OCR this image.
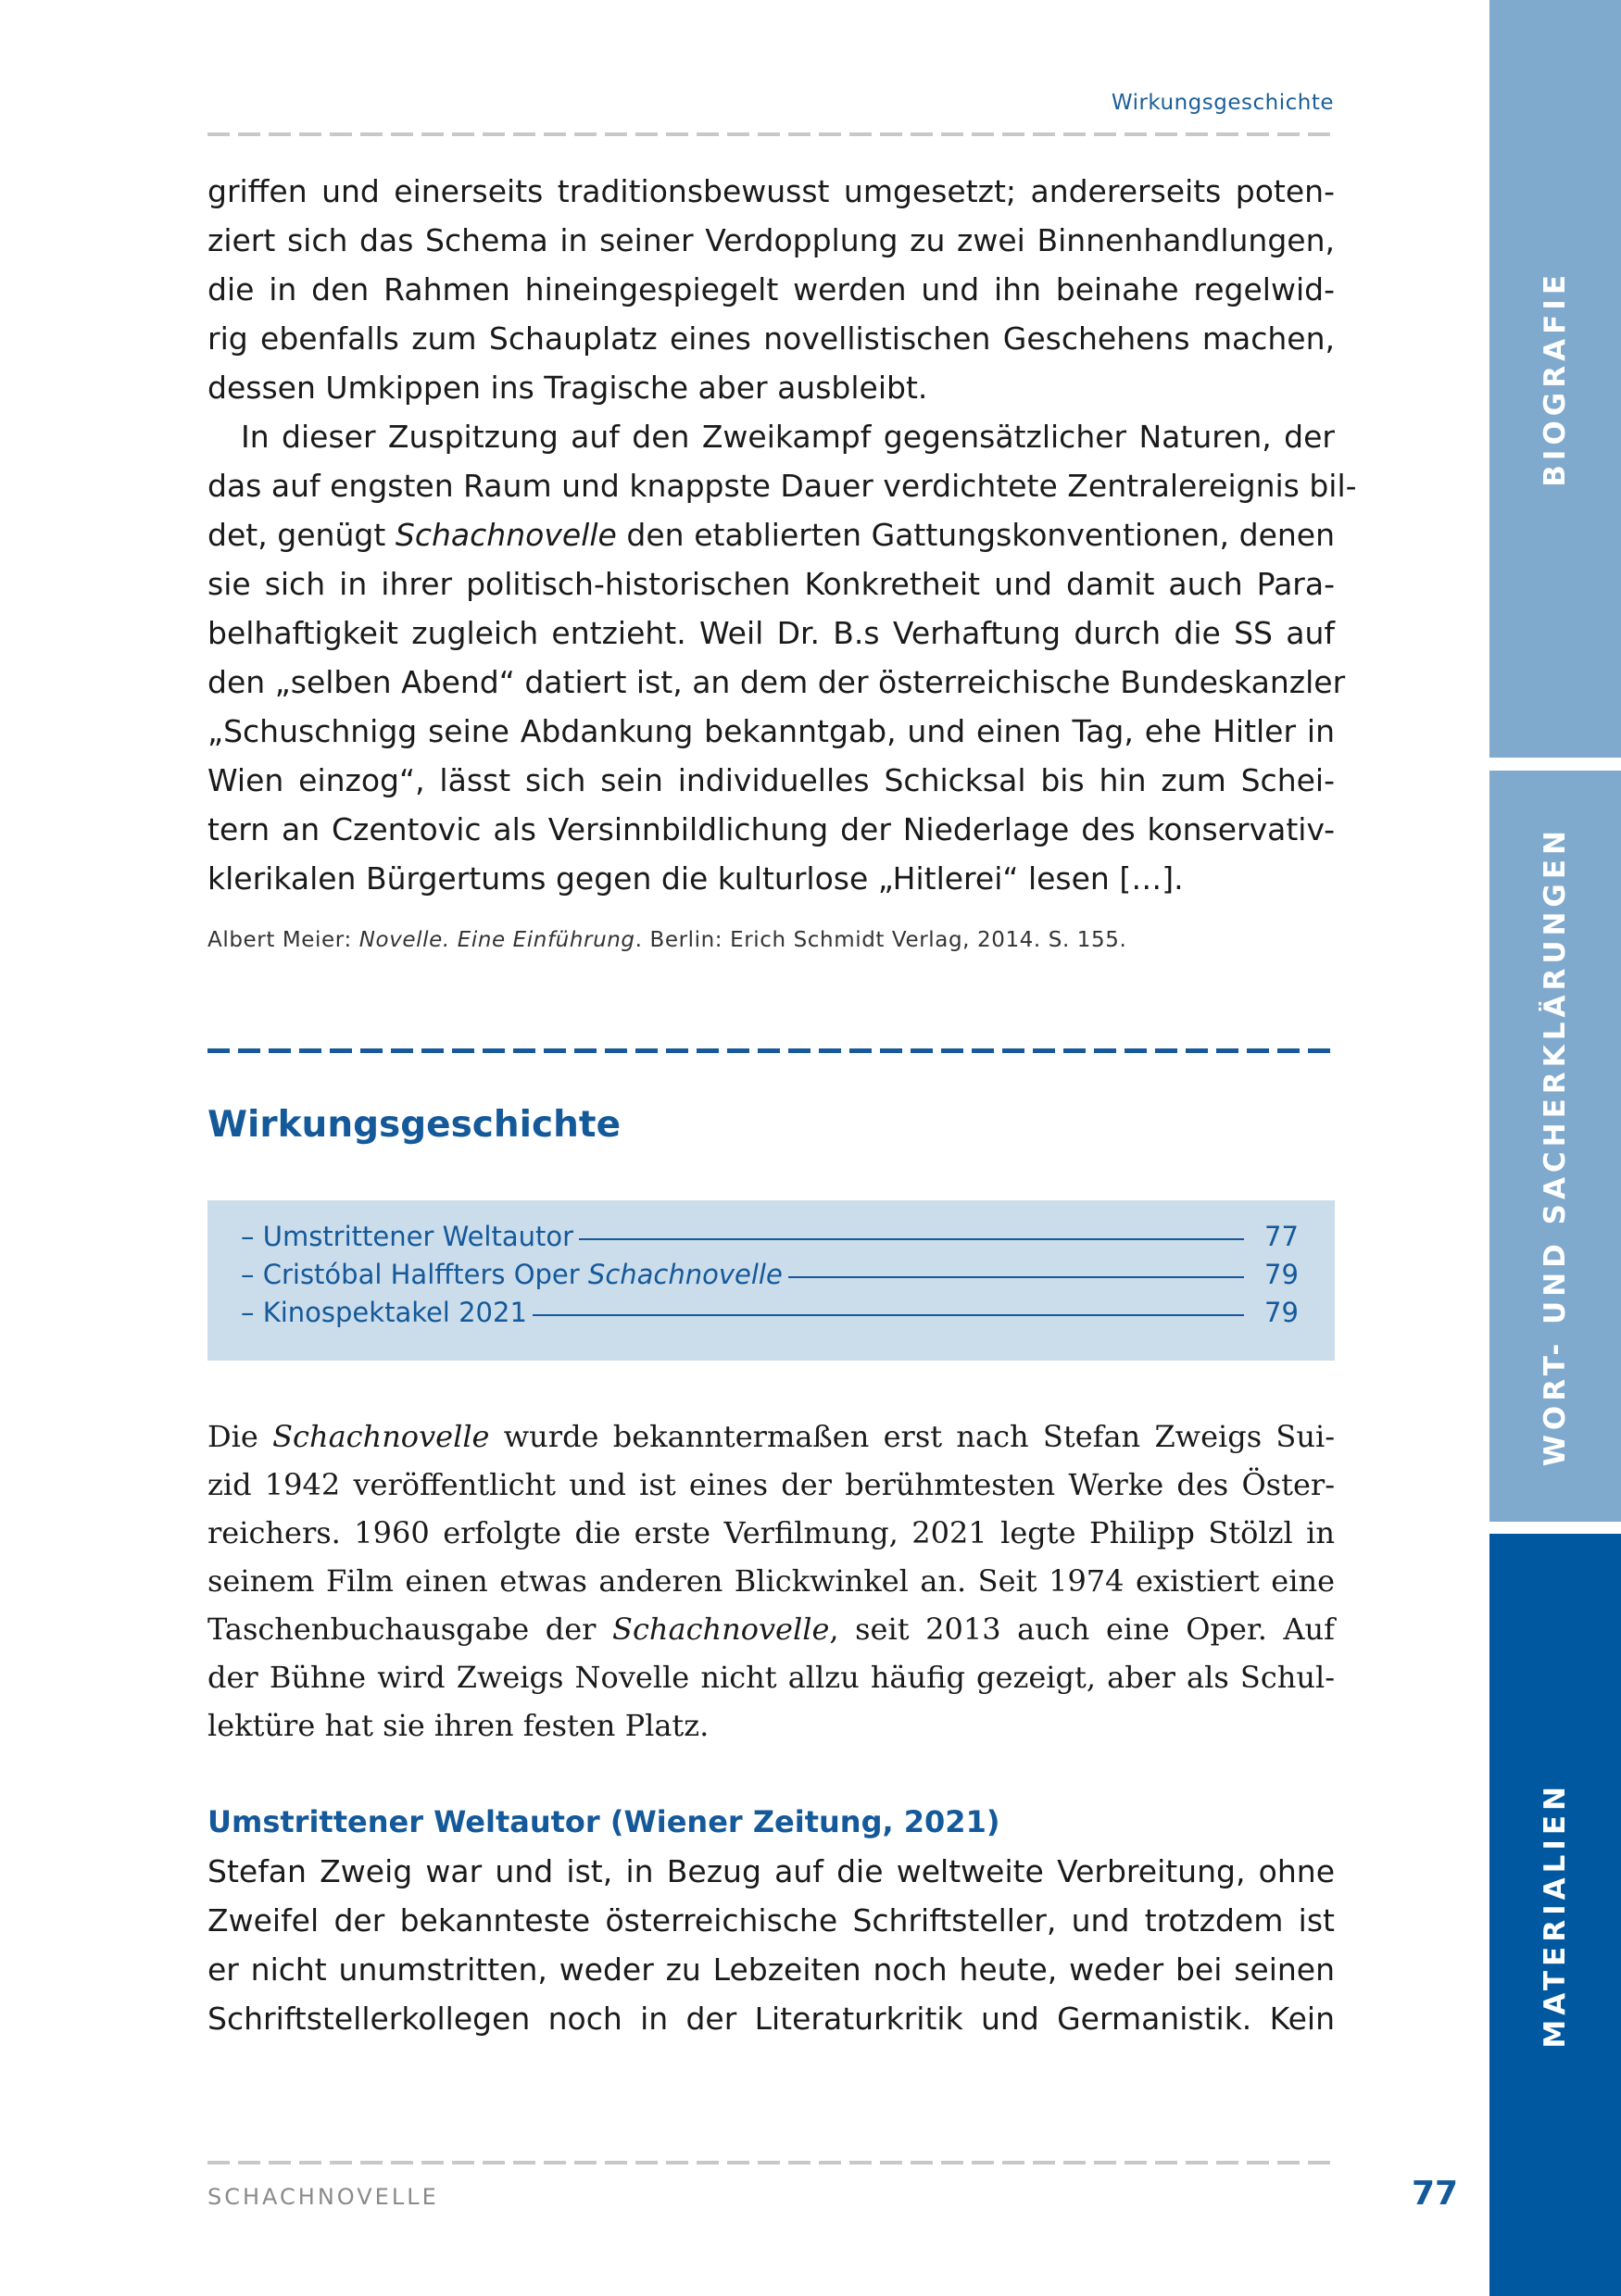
Wirkungsgeschichte
griffen und einerseits traditionsbewusst umgesetzt; andererseits poten-
ziert sich das Schema in seiner Verdopplung zu zwei Binnenhandlungen,
die in den Rahmen hineingespiegelt werden und ihn beinahe regelwid-
rig ebenfalls zum Schauplatz eines novellistischen Geschehens machen,
dessen Umkippen ins Tragische aber ausbleibt.
In dieser Zuspitzung auf den Zweikampf gegensätzlicher Naturen, der
das auf engsten Raum und knappste Dauer verdichtete Zentralereignis bil-
det, genügt Schachnovelle den etablierten Gattungskonventionen, denen
sie sich in ihrer politisch-historischen Konkretheit und damit auch Para-
belhaftigkeit zugleich entzieht. Weil Dr. B.s Verhaftung durch die SS auf
den „selben Abend“ datiert ist, an dem der österreichische Bundeskanzler
„Schuschnigg seine Abdankung bekanntgab, und einen Tag, ehe Hitler in
Wien einzog“, lässt sich sein individuelles Schicksal bis hin zum Schei-
tern an Czentovic als Versinnbildlichung der Niederlage des konservativ-
klerikalen Bürgertums gegen die kulturlose „Hitlerei“ lesen […].
Albert Meier: Novelle. Eine Einführung. Berlin: Erich Schmidt Verlag, 2014. S. 155.
Wirkungsgeschichte
– Umstrittener Weltautor	77
– Cristóbal Halffters Oper Schachnovelle	79
– Kinospektakel 2021	79
Die Schachnovelle wurde bekanntermaßen erst nach Stefan Zweigs Sui-
zid 1942 veröffentlicht und ist eines der berühmtesten Werke des Öster-
reichers. 1960 erfolgte die erste Verfilmung, 2021 legte Philipp Stölzl in
seinem Film einen etwas anderen Blickwinkel an. Seit 1974 existiert eine
Taschenbuchausgabe der Schachnovelle, seit 2013 auch eine Oper. Auf
der Bühne wird Zweigs Novelle nicht allzu häufig gezeigt, aber als Schul-
lektüre hat sie ihren festen Platz.
Umstrittener Weltautor (Wiener Zeitung, 2021)
Stefan Zweig war und ist, in Bezug auf die weltweite Verbreitung, ohne
Zweifel der bekannteste österreichische Schriftsteller, und trotzdem ist
er nicht unumstritten, weder zu Lebzeiten noch heute, weder bei seinen
Schriftstellerkollegen noch in der Literaturkritik und Germanistik. Kein
SCHACHNOVELLE	77
BIOGRAFIE
WORT- UND SACHERKLÄRUNGEN
MATERIALIEN
